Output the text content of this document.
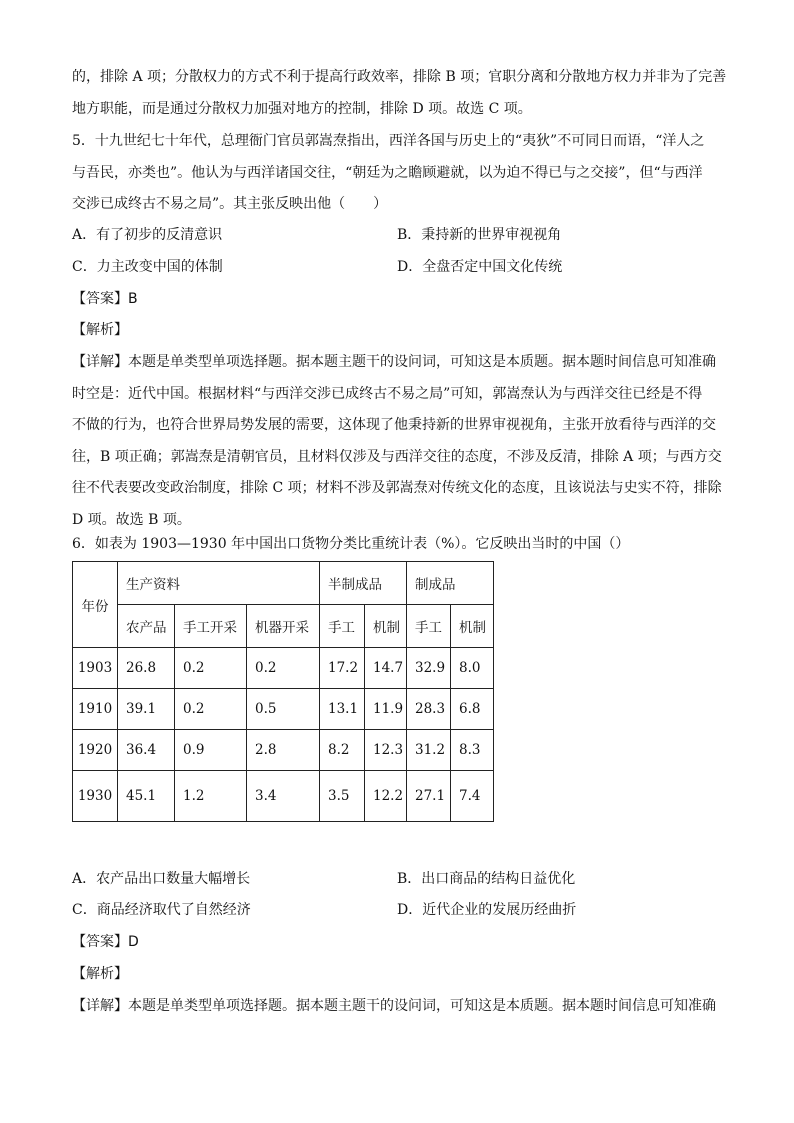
的，排除 A 项；分散权力的方式不利于提高行政效率，排除 B 项；官职分离和分散地方权力并非为了完善
地方职能，而是通过分散权力加强对地方的控制，排除 D 项。故选 C 项。
5．十九世纪七十年代，总理衙门官员郭嵩焘指出，西洋各国与历史上的“夷狄”不可同日而语，“洋人之
与吾民，亦类也”。他认为与西洋诸国交往，“朝廷为之瞻顾避就，以为迫不得已与之交接”，但“与西洋
交涉已成终古不易之局”。其主张反映出他（　　）
A．有了初步的反清意识	B．秉持新的世界审视视角
C．力主改变中国的体制	D．全盘否定中国文化传统
【答案】B
【解析】
【详解】本题是单类型单项选择题。据本题主题干的设问词，可知这是本质题。据本题时间信息可知准确
时空是：近代中国。根据材料“与西洋交涉已成终古不易之局”可知，郭嵩焘认为与西洋交往已经是不得
不做的行为，也符合世界局势发展的需要，这体现了他秉持新的世界审视视角，主张开放看待与西洋的交
往，B 项正确；郭嵩焘是清朝官员，且材料仅涉及与西洋交往的态度，不涉及反清，排除 A 项；与西方交
往不代表要改变政治制度，排除 C 项；材料不涉及郭嵩焘对传统文化的态度，且该说法与史实不符，排除
D 项。故选 B 项。
6．如表为 1903—1930 年中国出口货物分类比重统计表（%）。它反映出当时的中国（）
年份	生产资料			半制成品		制成品	
	农产品	手工开采	机器开采	手工	机制	手工	机制
1903	26.8	0.2	0.2	17.2	14.7	32.9	8.0
1910	39.1	0.2	0.5	13.1	11.9	28.3	6.8
1920	36.4	0.9	2.8	8.2	12.3	31.2	8.3
1930	45.1	1.2	3.4	3.5	12.2	27.1	7.4
A．农产品出口数量大幅增长	B．出口商品的结构日益优化
C．商品经济取代了自然经济	D．近代企业的发展历经曲折
【答案】D
【解析】
【详解】本题是单类型单项选择题。据本题主题干的设问词，可知这是本质题。据本题时间信息可知准确
